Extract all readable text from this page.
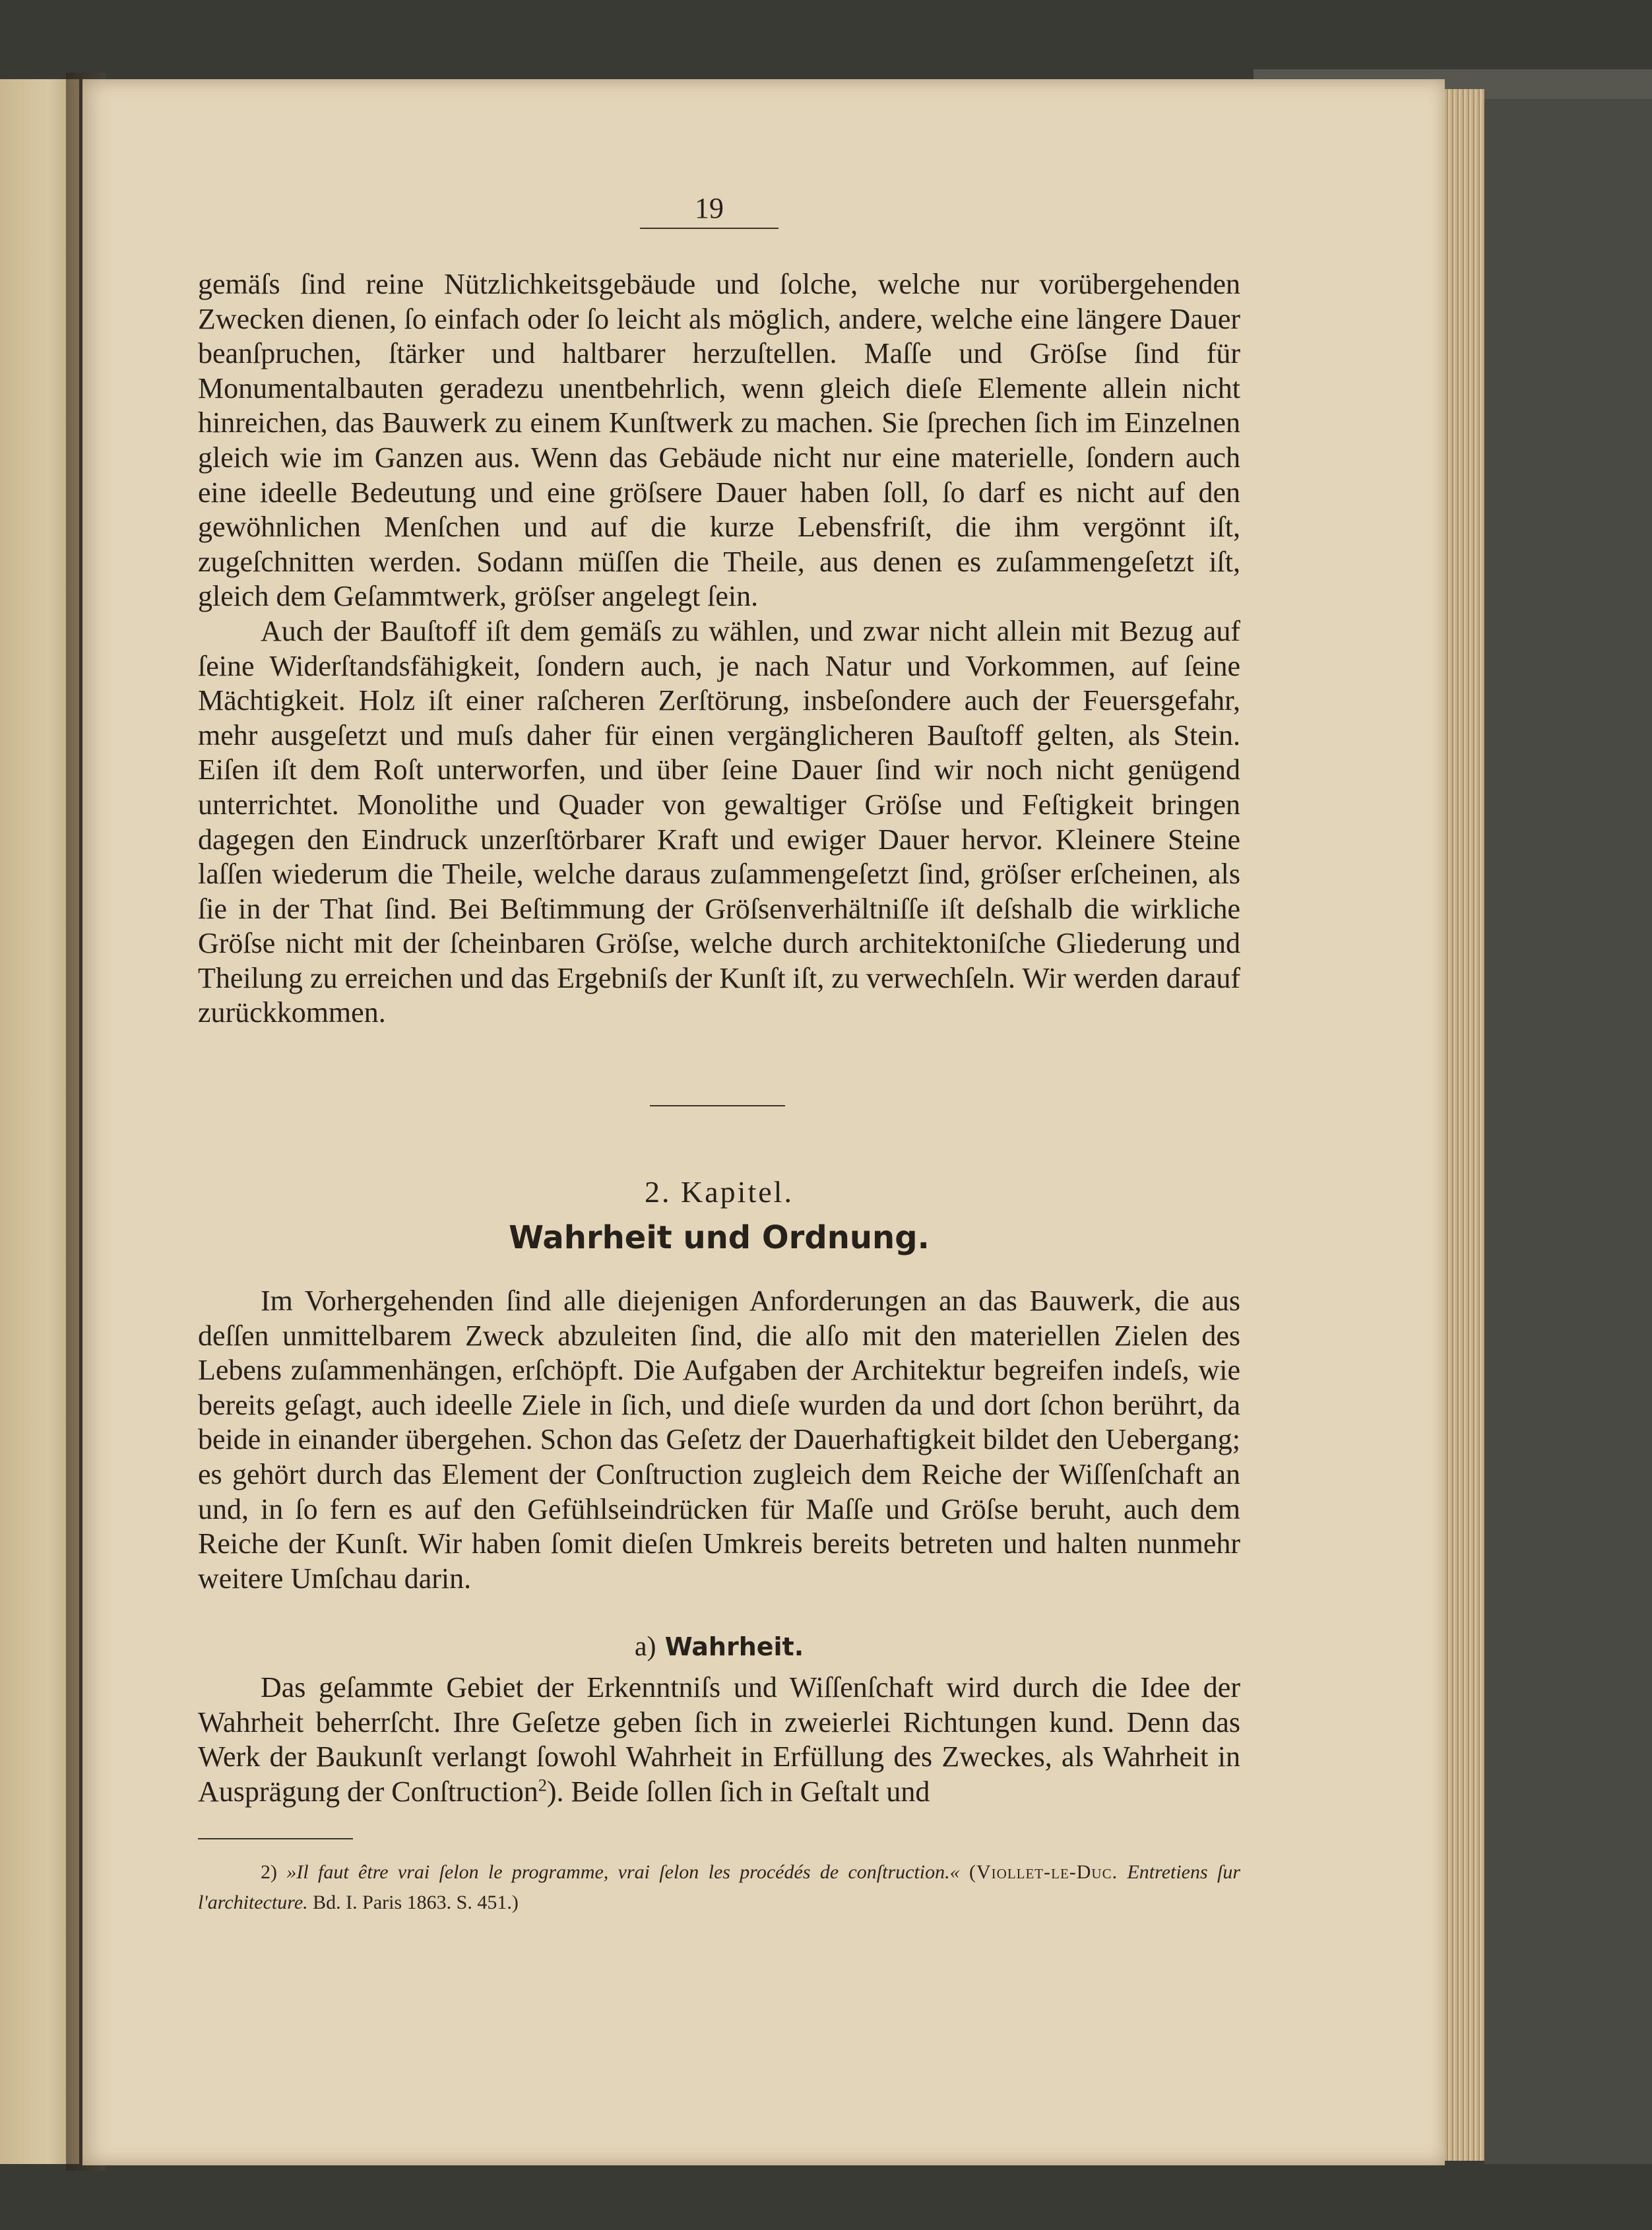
19

gemäſs ſind reine Nützlichkeitsgebäude und ſolche, welche nur vorübergehenden Zwecken dienen, ſo einfach oder ſo leicht als möglich, andere, welche eine längere Dauer beanſpruchen, ſtärker und haltbarer herzuſtellen. Maſſe und Gröſse ſind für Monumentalbauten geradezu unentbehrlich, wenn gleich dieſe Elemente allein nicht hinreichen, das Bauwerk zu einem Kunſtwerk zu machen. Sie ſprechen ſich im Einzelnen gleich wie im Ganzen aus. Wenn das Gebäude nicht nur eine materielle, ſondern auch eine ideelle Bedeutung und eine gröſsere Dauer haben ſoll, ſo darf es nicht auf den gewöhnlichen Menſchen und auf die kurze Lebensfriſt, die ihm vergönnt iſt, zugeſchnitten werden. Sodann müſſen die Theile, aus denen es zuſammengeſetzt iſt, gleich dem Geſammtwerk, gröſser angelegt ſein.

Auch der Bauſtoff iſt dem gemäſs zu wählen, und zwar nicht allein mit Bezug auf ſeine Widerſtandsfähigkeit, ſondern auch, je nach Natur und Vorkommen, auf ſeine Mächtigkeit. Holz iſt einer raſcheren Zerſtörung, insbeſondere auch der Feuersgefahr, mehr ausgeſetzt und muſs daher für einen vergänglicheren Bauſtoff gelten, als Stein. Eiſen iſt dem Roſt unterworfen, und über ſeine Dauer ſind wir noch nicht genügend unterrichtet. Monolithe und Quader von gewaltiger Gröſse und Feſtigkeit bringen dagegen den Eindruck unzerſtörbarer Kraft und ewiger Dauer hervor. Kleinere Steine laſſen wiederum die Theile, welche daraus zuſammengeſetzt ſind, gröſser erſcheinen, als ſie in der That ſind. Bei Beſtimmung der Gröſsenverhältniſſe iſt deſshalb die wirkliche Gröſse nicht mit der ſcheinbaren Gröſse, welche durch architektoniſche Gliederung und Theilung zu erreichen und das Ergebniſs der Kunſt iſt, zu verwechſeln. Wir werden darauf zurückkommen.

2. Kapitel.
Wahrheit und Ordnung.

Im Vorhergehenden ſind alle diejenigen Anforderungen an das Bauwerk, die aus deſſen unmittelbarem Zweck abzuleiten ſind, die alſo mit den materiellen Zielen des Lebens zuſammenhängen, erſchöpft. Die Aufgaben der Architektur begreifen indeſs, wie bereits geſagt, auch ideelle Ziele in ſich, und dieſe wurden da und dort ſchon berührt, da beide in einander übergehen. Schon das Geſetz der Dauerhaftigkeit bildet den Uebergang; es gehört durch das Element der Conſtruction zugleich dem Reiche der Wiſſenſchaft an und, in ſo fern es auf den Gefühlseindrücken für Maſſe und Gröſse beruht, auch dem Reiche der Kunſt. Wir haben ſomit dieſen Umkreis bereits betreten und halten nunmehr weitere Umſchau darin.

a) Wahrheit.

Das geſammte Gebiet der Erkenntniſs und Wiſſenſchaft wird durch die Idee der Wahrheit beherrſcht. Ihre Geſetze geben ſich in zweierlei Richtungen kund. Denn das Werk der Baukunſt verlangt ſowohl Wahrheit in Erfüllung des Zweckes, als Wahrheit in Ausprägung der Conſtruction$^2$). Beide ſollen ſich in Geſtalt und

2) »Il faut être vrai ſelon le programme, vrai ſelon les procédés de conſtruction.« (Viollet-le-Duc. Entretiens ſur l'architecture. Bd. I. Paris 1863. S. 451.)
